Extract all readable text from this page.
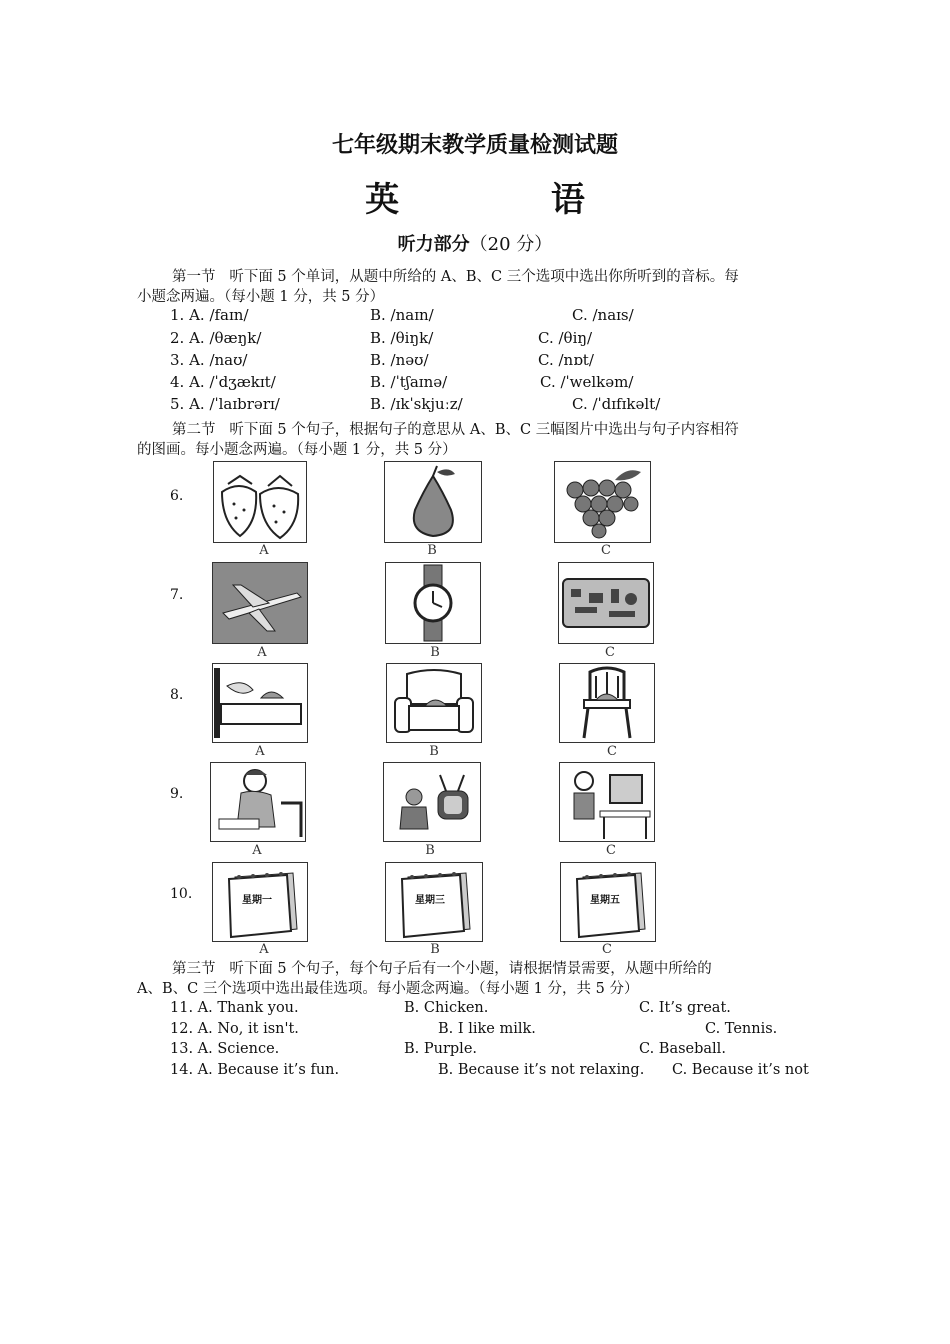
七年级期末教学质量检测试题
英 语
听力部分（20 分）
第一节 听下面 5 个单词，从题中所给的 A、B、C 三个选项中选出你所听到的音标。每
小题念两遍。（每小题 1 分，共 5 分）
1. A. /faɪn/	B. /naɪn/	C. /naɪs/
2. A. /θæŋk/	B. /θiŋk/	C. /θiŋ/
3. A. /naʊ/	B. /nəʊ/	C. /nɒt/
4. A. /ˈdʒækɪt/	B. /ˈtʃaɪnə/	C. /ˈwelkəm/
5. A. /ˈlaɪbrərɪ/	B. /ɪkˈskjuːz/	C. /ˈdɪfɪkəlt/
第二节 听下面 5 个句子，根据句子的意思从 A、B、C 三幅图片中选出与句子内容相符
的图画。每小题念两遍。（每小题 1 分，共 5 分）
6.
A	B	C
7.
A	B	C
8.
A	B	C
9.
A	B	C
10.	星期一	星期三	星期五
A	B	C
第三节 听下面 5 个句子，每个句子后有一个小题，请根据情景需要，从题中所给的
A、B、C 三个选项中选出最佳选项。每小题念两遍。（每小题 1 分，共 5 分）
11. A. Thank you.	B. Chicken.	C. It’s great.
12. A. No, it isn't.	B. I like milk.	C. Tennis.
13. A. Science.	B. Purple.	C. Baseball.
14. A. Because it’s fun.	B. Because it’s not relaxing. C. Because it’s not
